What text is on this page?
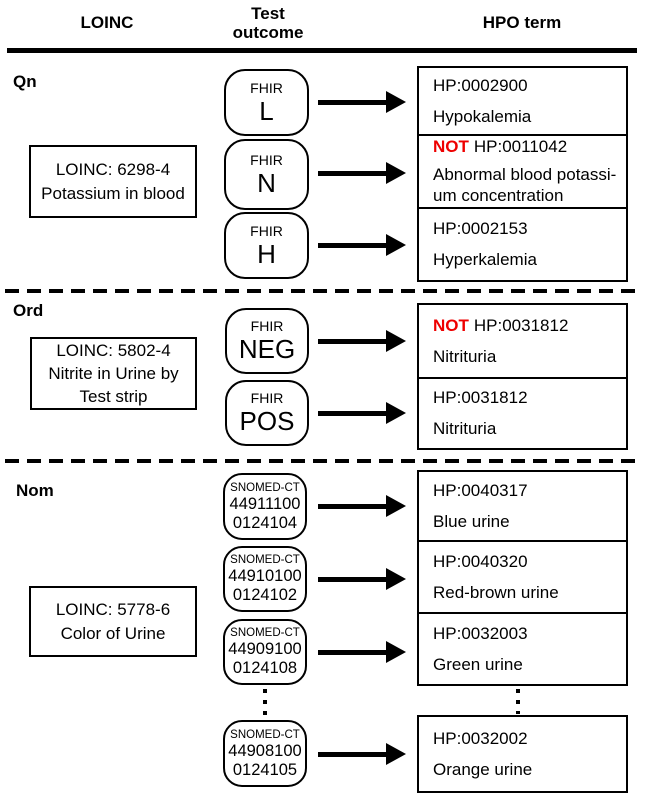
LOINC	Test
outcome
HPO term
Qn
LOINC: 6298-4
Potassium in blood
FHIR
L
FHIR
N
FHIR
H
HP:0002900
Hypokalemia
NOT HP:0011042
Abnormal blood potassi-
um concentration
HP:0002153
Hyperkalemia
Ord
LOINC: 5802-4
Nitrite in Urine by
Test strip
FHIR
NEG
FHIR
POS
NOT HP:0031812
Nitrituria
HP:0031812
Nitrituria
Nom
LOINC: 5778-6
Color of Urine
SNOMED-CT
44911100
0124104
SNOMED-CT
44910100
0124102
SNOMED-CT
44909100
0124108
SNOMED-CT
44908100
0124105
HP:0040317
Blue urine
HP:0040320
Red-brown urine
HP:0032003
Green urine
HP:0032002
Orange urine
